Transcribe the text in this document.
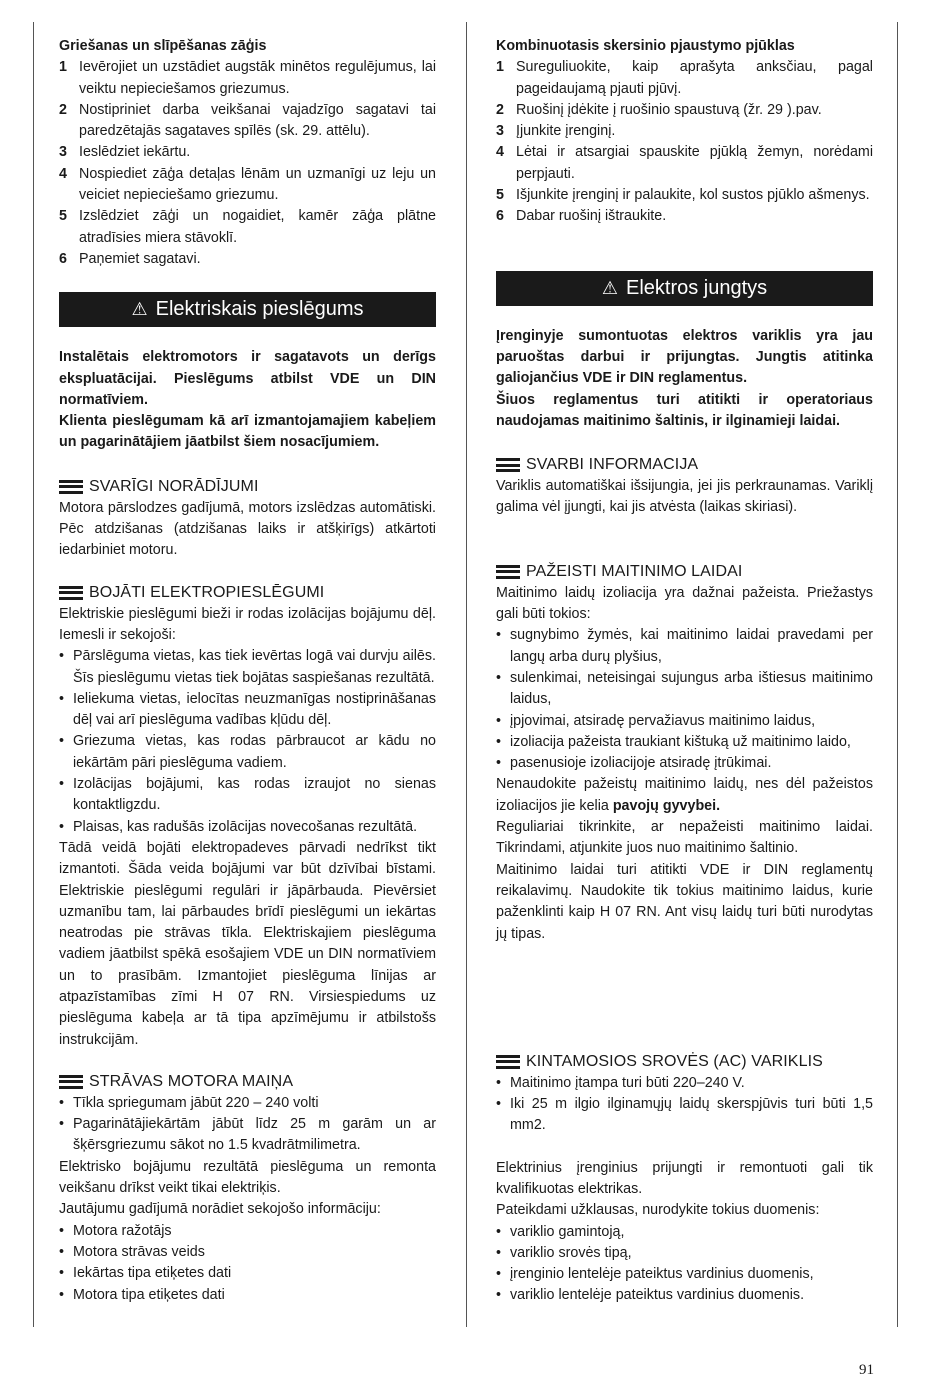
Griešanas un slīpēšanas zāģis

1 Ievērojiet un uzstādiet augstāk minētos regulējumus, lai veiktu nepieciešamos griezumus.
2 Nostipriniet darba veikšanai vajadzīgo sagatavi tai paredzētajās sagataves spīlēs (sk. 29. attēlu).
3 Ieslēdziet iekārtu.
4 Nospiediet zāģa detaļas lēnām un uzmanīgi uz leju un veiciet nepieciešamo griezumu.
5 Izslēdziet zāģi un nogaidiet, kamēr zāģa plātne atradīsies miera stāvoklī.
6 Paņemiet sagatavi.
⚠ Elektriskais pieslēgums

Instalētais elektromotors ir sagatavots un derīgs ekspluatācijai. Pieslēgums atbilst VDE un DIN normatīviem.

Klienta pieslēgumam kā arī izmantojamajiem kabeļiem un pagarinātājiem jāatbilst šiem nosacījumiem.

SVARĪGI NORĀDĪJUMI

Motora pārslodzes gadījumā, motors izslēdzas automātiski. Pēc atdzišanas (atdzišanas laiks ir atšķirīgs) atkārtoti iedarbiniet motoru.

BOJĀTI ELEKTROPIESLĒGUMI

Elektriskie pieslēgumi bieži ir rodas izolācijas bojājumu dēļ. Iemesli ir sekojoši:

• Pārslēguma vietas, kas tiek ievērtas logā vai durvju ailēs. Šīs pieslēgumu vietas tiek bojātas saspiešanas rezultātā.
• Ieliekuma vietas, ielocītas neuzmanīgas nostiprināšanas dēļ vai arī pieslēguma vadības kļūdu dēļ.
• Griezuma vietas, kas rodas pārbraucot ar kādu no iekārtām pāri pieslēguma vadiem.
• Izolācijas bojājumi, kas rodas izraujot no sienas kontaktligzdu.
• Plaisas, kas radušās izolācijas novecošanas rezultātā.

Tādā veidā bojāti elektropadeves pārvadi nedrīkst tikt izmantoti. Šāda veida bojājumi var būt dzīvībai bīstami. Elektriskie pieslēgumi regulāri ir jāpārbauda. Pievērsiet uzmanību tam, lai pārbaudes brīdī pieslēgumi un iekārtas neatrodas pie strāvas tīkla. Elektriskajiem pieslēguma vadiem jāatbilst spēkā esošajiem VDE un DIN normatīviem un to prasībām. Izmantojiet pieslēguma līnijas ar atpazīstamības zīmi H 07 RN. Virsiespiedums uz pieslēguma kabeļa ar tā tipa apzīmējumu ir atbilstošs instrukcijām.

STRĀVAS MOTORA MAIŅA
• Tīkla spriegumam jābūt 220 – 240 volti
• Pagarinātājiekārtām jābūt līdz 25 m garām un ar šķērsgriezumu sākot no 1.5 kvadrātmilimetra.

Elektrisko bojājumu rezultātā pieslēguma un remonta veikšanu drīkst veikt tikai elektriķis.

Jautājumu gadījumā norādiet sekojošo informāciju:

• Motora ražotājs
• Motora strāvas veids
• Iekārtas tipa etiķetes dati
• Motora tipa etiķetes dati

Kombinuotasis skersinio pjaustymo pjūklas

1 Sureguliuokite, kaip aprašyta anksčiau, pagal pageidaujamą pjauti pjūvį.
2 Ruošinį įdėkite į ruošinio spaustuvą (žr. 29 ).pav.
3 Įjunkite įrenginį.
4 Lėtai ir atsargiai spauskite pjūklą žemyn, norėdami perpjauti.
5 Išjunkite įrenginį ir palaukite, kol sustos pjūklo ašmenys.
6 Dabar ruošinį ištraukite.
⚠ Elektros jungtys

Įrenginyje sumontuotas elektros variklis yra jau paruoštas darbui ir prijungtas. Jungtis atitinka galiojančius VDE ir DIN reglamentus.

Šiuos reglamentus turi atitikti ir operatoriaus naudojamas maitinimo šaltinis, ir ilginamieji laidai.

SVARBI INFORMACIJA

Variklis automatiškai išsijungia, jei jis perkraunamas. Variklį galima vėl įjungti, kai jis atvėsta (laikas skiriasi).

PAŽEISTI MAITINIMO LAIDAI

Maitinimo laidų izoliacija yra dažnai pažeista. Priežastys gali būti tokios:

• sugnybimo žymės, kai maitinimo laidai pravedami per langų arba durų plyšius,
• sulenkimai, neteisingai sujungus arba ištiesus maitinimo laidus,
• įpjovimai, atsiradę pervažiavus maitinimo laidus,
• izoliacija pažeista traukiant kištuką už maitinimo laido,
• pasenusioje izoliacijoje atsiradę įtrūkimai.

Nenaudokite pažeistų maitinimo laidų, nes dėl pažeistos izoliacijos jie kelia pavojų gyvybei.

Reguliariai tikrinkite, ar nepažeisti maitinimo laidai. Tikrindami, atjunkite juos nuo maitinimo šaltinio.

Maitinimo laidai turi atitikti VDE ir DIN reglamentų reikalavimų. Naudokite tik tokius maitinimo laidus, kurie paženklinti kaip H 07 RN. Ant visų laidų turi būti nurodytas jų tipas.

KINTAMOSIOS SROVĖS (AC) VARIKLIS
• Maitinimo įtampa turi būti 220–240 V.
• Iki 25 m ilgio ilginamųjų laidų skerspjūvis turi būti 1,5 mm2.

Elektrinius įrenginius prijungti ir remontuoti gali tik kvalifikuotas elektrikas.

Pateikdami užklausas, nurodykite tokius duomenis:

• variklio gamintoją,
• variklio srovės tipą,
• įrenginio lentelėje pateiktus vardinius duomenis,
• variklio lentelėje pateiktus vardinius duomenis.
91
